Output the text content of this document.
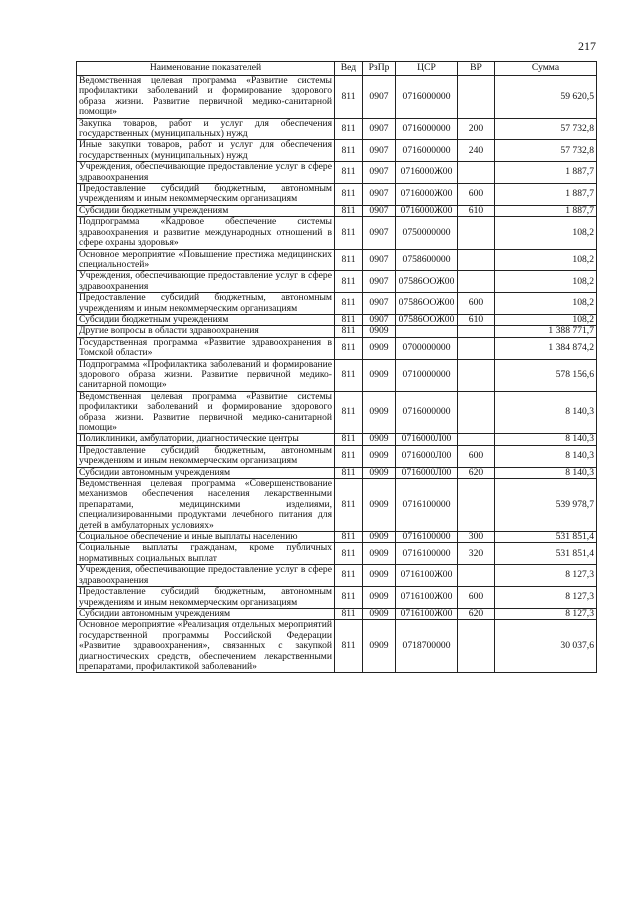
217
Наименование показателей	Вед	РзПр	ЦСР	ВР	Сумма
Ведомственная целевая программа «Развитие системы профилактики заболеваний и формирование здорового образа жизни. Развитие первичной медико-санитарной помощи»	811	0907	0716000000		59 620,5
Закупка товаров, работ и услуг для обеспечения государственных (муниципальных) нужд	811	0907	0716000000	200	57 732,8
Иные закупки товаров, работ и услуг для обеспечения государственных (муниципальных) нужд	811	0907	0716000000	240	57 732,8
Учреждения, обеспечивающие предоставление услуг в сфере здравоохранения	811	0907	0716000Ж00		1 887,7
Предоставление субсидий бюджетным, автономным учреждениям и иным некоммерческим организациям	811	0907	0716000Ж00	600	1 887,7
Субсидии бюджетным учреждениям	811	0907	0716000Ж00	610	1 887,7
Подпрограмма «Кадровое обеспечение системы здравоохранения и развитие международных отношений в сфере охраны здоровья»	811	0907	0750000000		108,2
Основное мероприятие «Повышение престижа медицинских специальностей»	811	0907	0758600000		108,2
Учреждения, обеспечивающие предоставление услуг в сфере здравоохранения	811	0907	07586ООЖ00		108,2
Предоставление субсидий бюджетным, автономным учреждениям и иным некоммерческим организациям	811	0907	07586ООЖ00	600	108,2
Субсидии бюджетным учреждениям	811	0907	07586ООЖ00	610	108,2
Другие вопросы в области здравоохранения	811	0909			1 388 771,7
Государственная программа «Развитие здравоохранения в Томской области»	811	0909	0700000000		1 384 874,2
Подпрограмма «Профилактика заболеваний и формирование здорового образа жизни. Развитие первичной медико-санитарной помощи»	811	0909	0710000000		578 156,6
Ведомственная целевая программа «Развитие системы профилактики заболеваний и формирование здорового образа жизни. Развитие первичной медико-санитарной помощи»	811	0909	0716000000		8 140,3
Поликлиники, амбулатории, диагностические центры	811	0909	0716000Л00		8 140,3
Предоставление субсидий бюджетным, автономным учреждениям и иным некоммерческим организациям	811	0909	0716000Л00	600	8 140,3
Субсидии автономным учреждениям	811	0909	0716000Л00	620	8 140,3
Ведомственная целевая программа «Совершенствование механизмов обеспечения населения лекарственными препаратами, медицинскими изделиями, специализированными продуктами лечебного питания для детей в амбулаторных условиях»	811	0909	0716100000		539 978,7
Социальное обеспечение и иные выплаты населению	811	0909	0716100000	300	531 851,4
Социальные выплаты гражданам, кроме публичных нормативных социальных выплат	811	0909	0716100000	320	531 851,4
Учреждения, обеспечивающие предоставление услуг в сфере здравоохранения	811	0909	0716100Ж00		8 127,3
Предоставление субсидий бюджетным, автономным учреждениям и иным некоммерческим организациям	811	0909	0716100Ж00	600	8 127,3
Субсидии автономным учреждениям	811	0909	0716100Ж00	620	8 127,3
Основное мероприятие «Реализация отдельных мероприятий государственной программы Российской Федерации «Развитие здравоохранения», связанных с закупкой диагностических средств, обеспечением лекарственными препаратами, профилактикой заболеваний»	811	0909	0718700000		30 037,6
